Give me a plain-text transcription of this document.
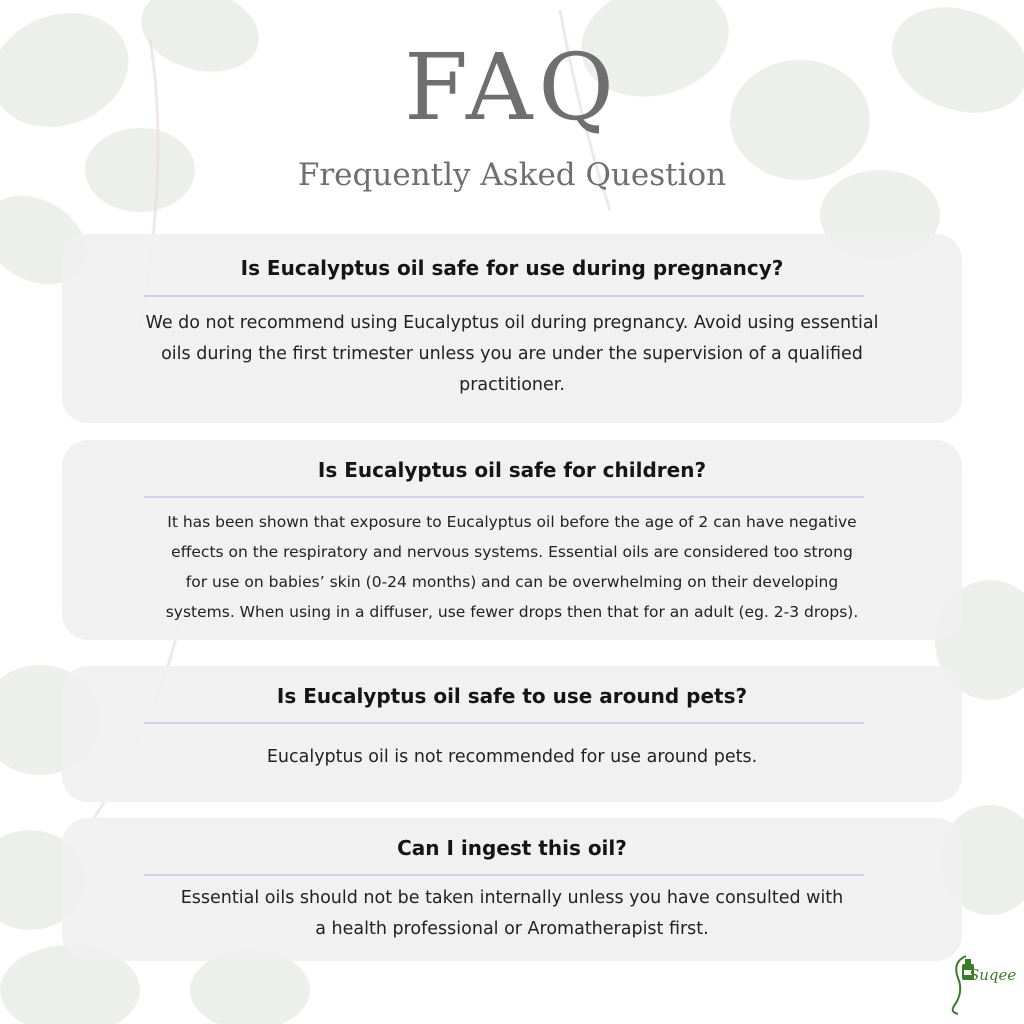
FAQ
Frequently Asked Question
Is Eucalyptus oil safe for use during pregnancy?
We do not recommend using Eucalyptus oil during pregnancy. Avoid using essential
oils during the first trimester unless you are under the supervision of a qualified
practitioner.
Is Eucalyptus oil safe for children?
It has been shown that exposure to Eucalyptus oil before the age of 2 can have negative
effects on the respiratory and nervous systems. Essential oils are considered too strong
for use on babies’ skin (0-24 months) and can be overwhelming on their developing
systems. When using in a diffuser, use fewer drops then that for an adult (eg. 2-3 drops).
Is Eucalyptus oil safe to use around pets?
Eucalyptus oil is not recommended for use around pets.
Can I ingest this oil?
Essential oils should not be taken internally unless you have consulted with
a health professional or Aromatherapist first.
Suqee
